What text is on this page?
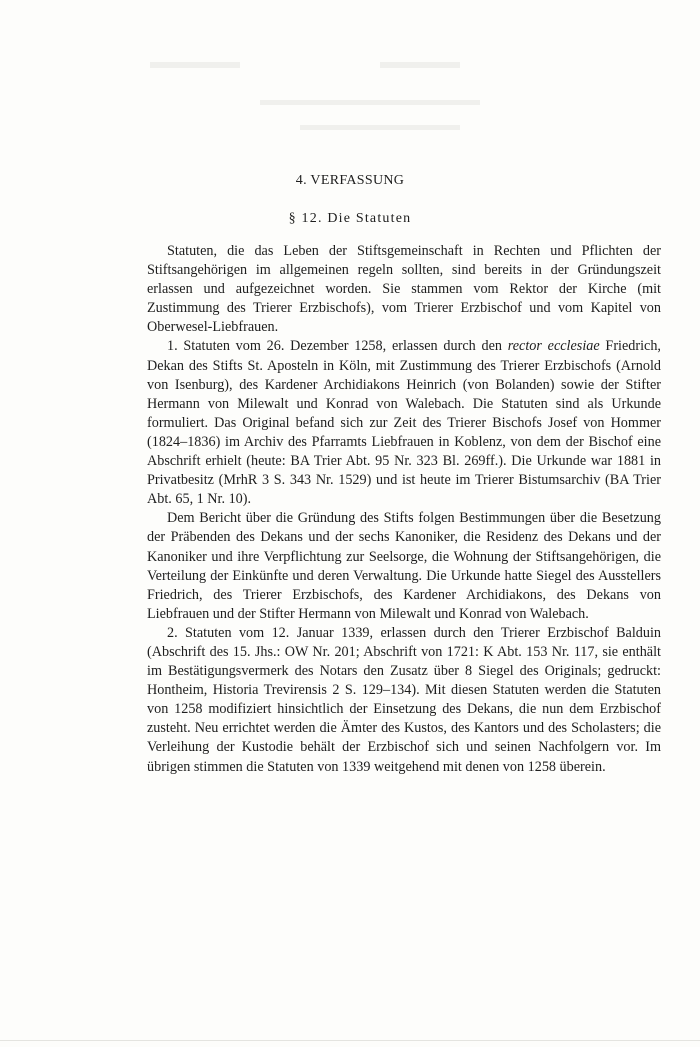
4. VERFASSUNG
§ 12. Die Statuten

Statuten, die das Leben der Stiftsgemeinschaft in Rechten und Pflichten der Stiftsangehörigen im allgemeinen regeln sollten, sind bereits in der Gründungszeit erlassen und aufgezeichnet worden. Sie stammen vom Rektor der Kirche (mit Zustimmung des Trierer Erzbischofs), vom Trierer Erzbischof und vom Kapitel von Oberwesel-Liebfrauen.

1. Statuten vom 26. Dezember 1258, erlassen durch den rector ecclesiae Friedrich, Dekan des Stifts St. Aposteln in Köln, mit Zustimmung des Trierer Erzbischofs (Arnold von Isenburg), des Kardener Archidiakons Heinrich (von Bolanden) sowie der Stifter Hermann von Milewalt und Konrad von Walebach. Die Statuten sind als Urkunde formuliert. Das Original befand sich zur Zeit des Trierer Bischofs Josef von Hommer (1824–1836) im Archiv des Pfarramts Liebfrauen in Koblenz, von dem der Bischof eine Abschrift erhielt (heute: BA Trier Abt. 95 Nr. 323 Bl. 269ff.). Die Urkunde war 1881 in Privatbesitz (MrhR 3 S. 343 Nr. 1529) und ist heute im Trierer Bistumsarchiv (BA Trier Abt. 65, 1 Nr. 10).

Dem Bericht über die Gründung des Stifts folgen Bestimmungen über die Besetzung der Präbenden des Dekans und der sechs Kanoniker, die Residenz des Dekans und der Kanoniker und ihre Verpflichtung zur Seelsorge, die Wohnung der Stiftsangehörigen, die Verteilung der Einkünfte und deren Verwaltung. Die Urkunde hatte Siegel des Ausstellers Friedrich, des Trierer Erzbischofs, des Kardener Archidiakons, des Dekans von Liebfrauen und der Stifter Hermann von Milewalt und Konrad von Walebach.

2. Statuten vom 12. Januar 1339, erlassen durch den Trierer Erzbischof Balduin (Abschrift des 15. Jhs.: OW Nr. 201; Abschrift von 1721: K Abt. 153 Nr. 117, sie enthält im Bestätigungsvermerk des Notars den Zusatz über 8 Siegel des Originals; gedruckt: Hontheim, Historia Trevirensis 2 S. 129–134). Mit diesen Statuten werden die Statuten von 1258 modifiziert hinsichtlich der Einsetzung des Dekans, die nun dem Erzbischof zusteht. Neu errichtet werden die Ämter des Kustos, des Kantors und des Scholasters; die Verleihung der Kustodie behält der Erzbischof sich und seinen Nachfolgern vor. Im übrigen stimmen die Statuten von 1339 weitgehend mit denen von 1258 überein.
